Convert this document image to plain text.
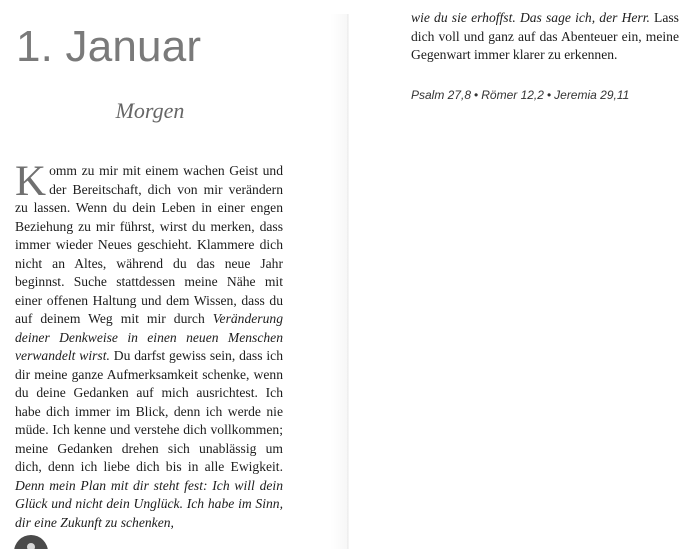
1. Januar
Morgen

Komm zu mir mit einem wachen Geist und der Bereitschaft, dich von mir verändern zu lassen. Wenn du dein Leben in einer engen Beziehung zu mir führst, wirst du merken, dass immer wieder Neues geschieht. Klammere dich nicht an Altes, während du das neue Jahr beginnst. Suche stattdessen meine Nähe mit einer offenen Haltung und dem Wissen, dass du auf deinem Weg mit mir durch Veränderung deiner Denkweise in einen neuen Menschen verwandelt wirst. Du darfst gewiss sein, dass ich dir meine ganze Aufmerksamkeit schenke, wenn du deine Gedanken auf mich ausrichtest. Ich habe dich immer im Blick, denn ich werde nie müde. Ich kenne und verstehe dich vollkommen; meine Gedanken drehen sich unablässig um dich, denn ich liebe dich bis in alle Ewigkeit. Denn mein Plan mit dir steht fest: Ich will dein Glück und nicht dein Unglück. Ich habe im Sinn, dir eine Zukunft zu schenken,

wie du sie erhoffst. Das sage ich, der Herr. Lass dich voll und ganz auf das Abenteuer ein, meine Gegenwart immer klarer zu erkennen.

Psalm 27,8 • Römer 12,2 • Jeremia 29,11
